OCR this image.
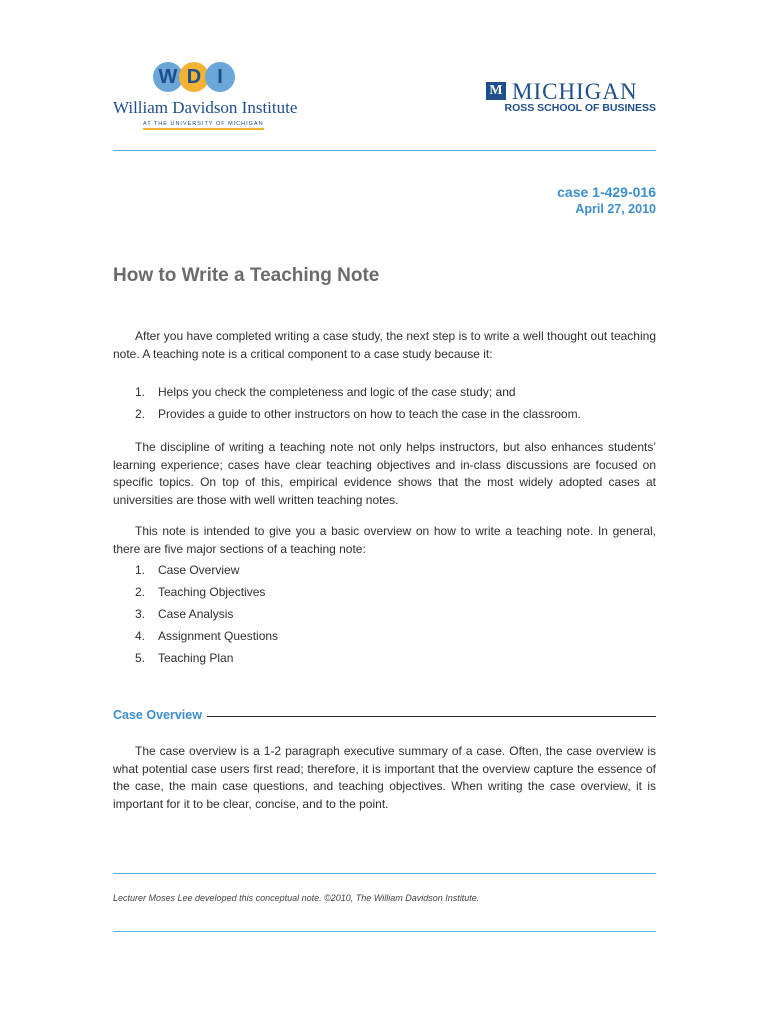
W D I
William Davidson Institute
AT THE UNIVERSITY OF MICHIGAN
M MICHIGAN
ROSS SCHOOL OF BUSINESS
case 1-429-016
April 27, 2010
How to Write a Teaching Note
After you have completed writing a case study, the next step is to write a well thought out teaching note. A teaching note is a critical component to a case study because it:
1.	Helps you check the completeness and logic of the case study; and
2.	Provides a guide to other instructors on how to teach the case in the classroom.
The discipline of writing a teaching note not only helps instructors, but also enhances students’ learning experience; cases have clear teaching objectives and in-class discussions are focused on specific topics. On top of this, empirical evidence shows that the most widely adopted cases at universities are those with well written teaching notes.
This note is intended to give you a basic overview on how to write a teaching note. In general, there are five major sections of a teaching note:
1.	Case Overview
2.	Teaching Objectives
3.	Case Analysis
4.	Assignment Questions
5.	Teaching Plan
Case Overview
The case overview is a 1-2 paragraph executive summary of a case. Often, the case overview is what potential case users first read; therefore, it is important that the overview capture the essence of the case, the main case questions, and teaching objectives. When writing the case overview, it is important for it to be clear, concise, and to the point.
Lecturer Moses Lee developed this conceptual note. ©2010, The William Davidson Institute.
